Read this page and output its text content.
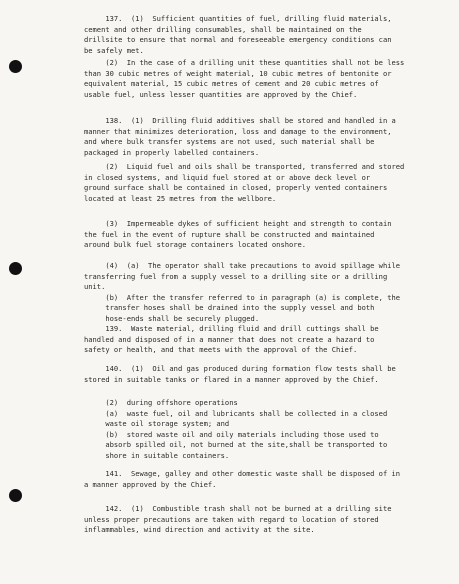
137.  (1)  Sufficient quantities of fuel, drilling fluid materials,
cement and other drilling consumables, shall be maintained on the
drillsite to ensure that normal and foreseeable emergency conditions can
be safely met.
(2)  In the case of a drilling unit these quantities shall not be less
than 30 cubic metres of weight material, 10 cubic metres of bentonite or
equivalent material, 15 cubic metres of cement and 20 cubic metres of
usable fuel, unless lesser quantities are approved by the Chief.
138.  (1)  Drilling fluid additives shall be stored and handled in a
manner that minimizes deterioration, loss and damage to the environment,
and where bulk transfer systems are not used, such material shall be
packaged in properly labelled containers.
(2)  Liquid fuel and oils shall be transported, transferred and stored
in closed systems, and liquid fuel stored at or above deck level or
ground surface shall be contained in closed, properly vented containers
located at least 25 metres from the wellbore.
(3)  Impermeable dykes of sufficient height and strength to contain
the fuel in the event of rupture shall be constructed and maintained
around bulk fuel storage containers located onshore.
(4)  (a)  The operator shall take precautions to avoid spillage while
transferring fuel from a supply vessel to a drilling site or a drilling
unit.
(b)  After the transfer referred to in paragraph (a) is complete, the
transfer hoses shall be drained into the supply vessel and both
hose-ends shall be securely plugged.
139.  Waste material, drilling fluid and drill cuttings shall be
handled and disposed of in a manner that does not create a hazard to
safety or health, and that meets with the approval of the Chief.
140.  (1)  Oil and gas produced during formation flow tests shall be
stored in suitable tanks or flared in a manner approved by the Chief.
(2)  during offshore operations
(a)  waste fuel, oil and lubricants shall be collected in a closed
waste oil storage system; and
(b)  stored waste oil and oily materials including those used to
absorb spilled oil, not burned at the site,shall be transported to
shore in suitable containers.
141.  Sewage, galley and other domestic waste shall be disposed of in
a manner approved by the Chief.
142.  (1)  Combustible trash shall not be burned at a drilling site
unless proper precautions are taken with regard to location of stored
inflammables, wind direction and activity at the site.
